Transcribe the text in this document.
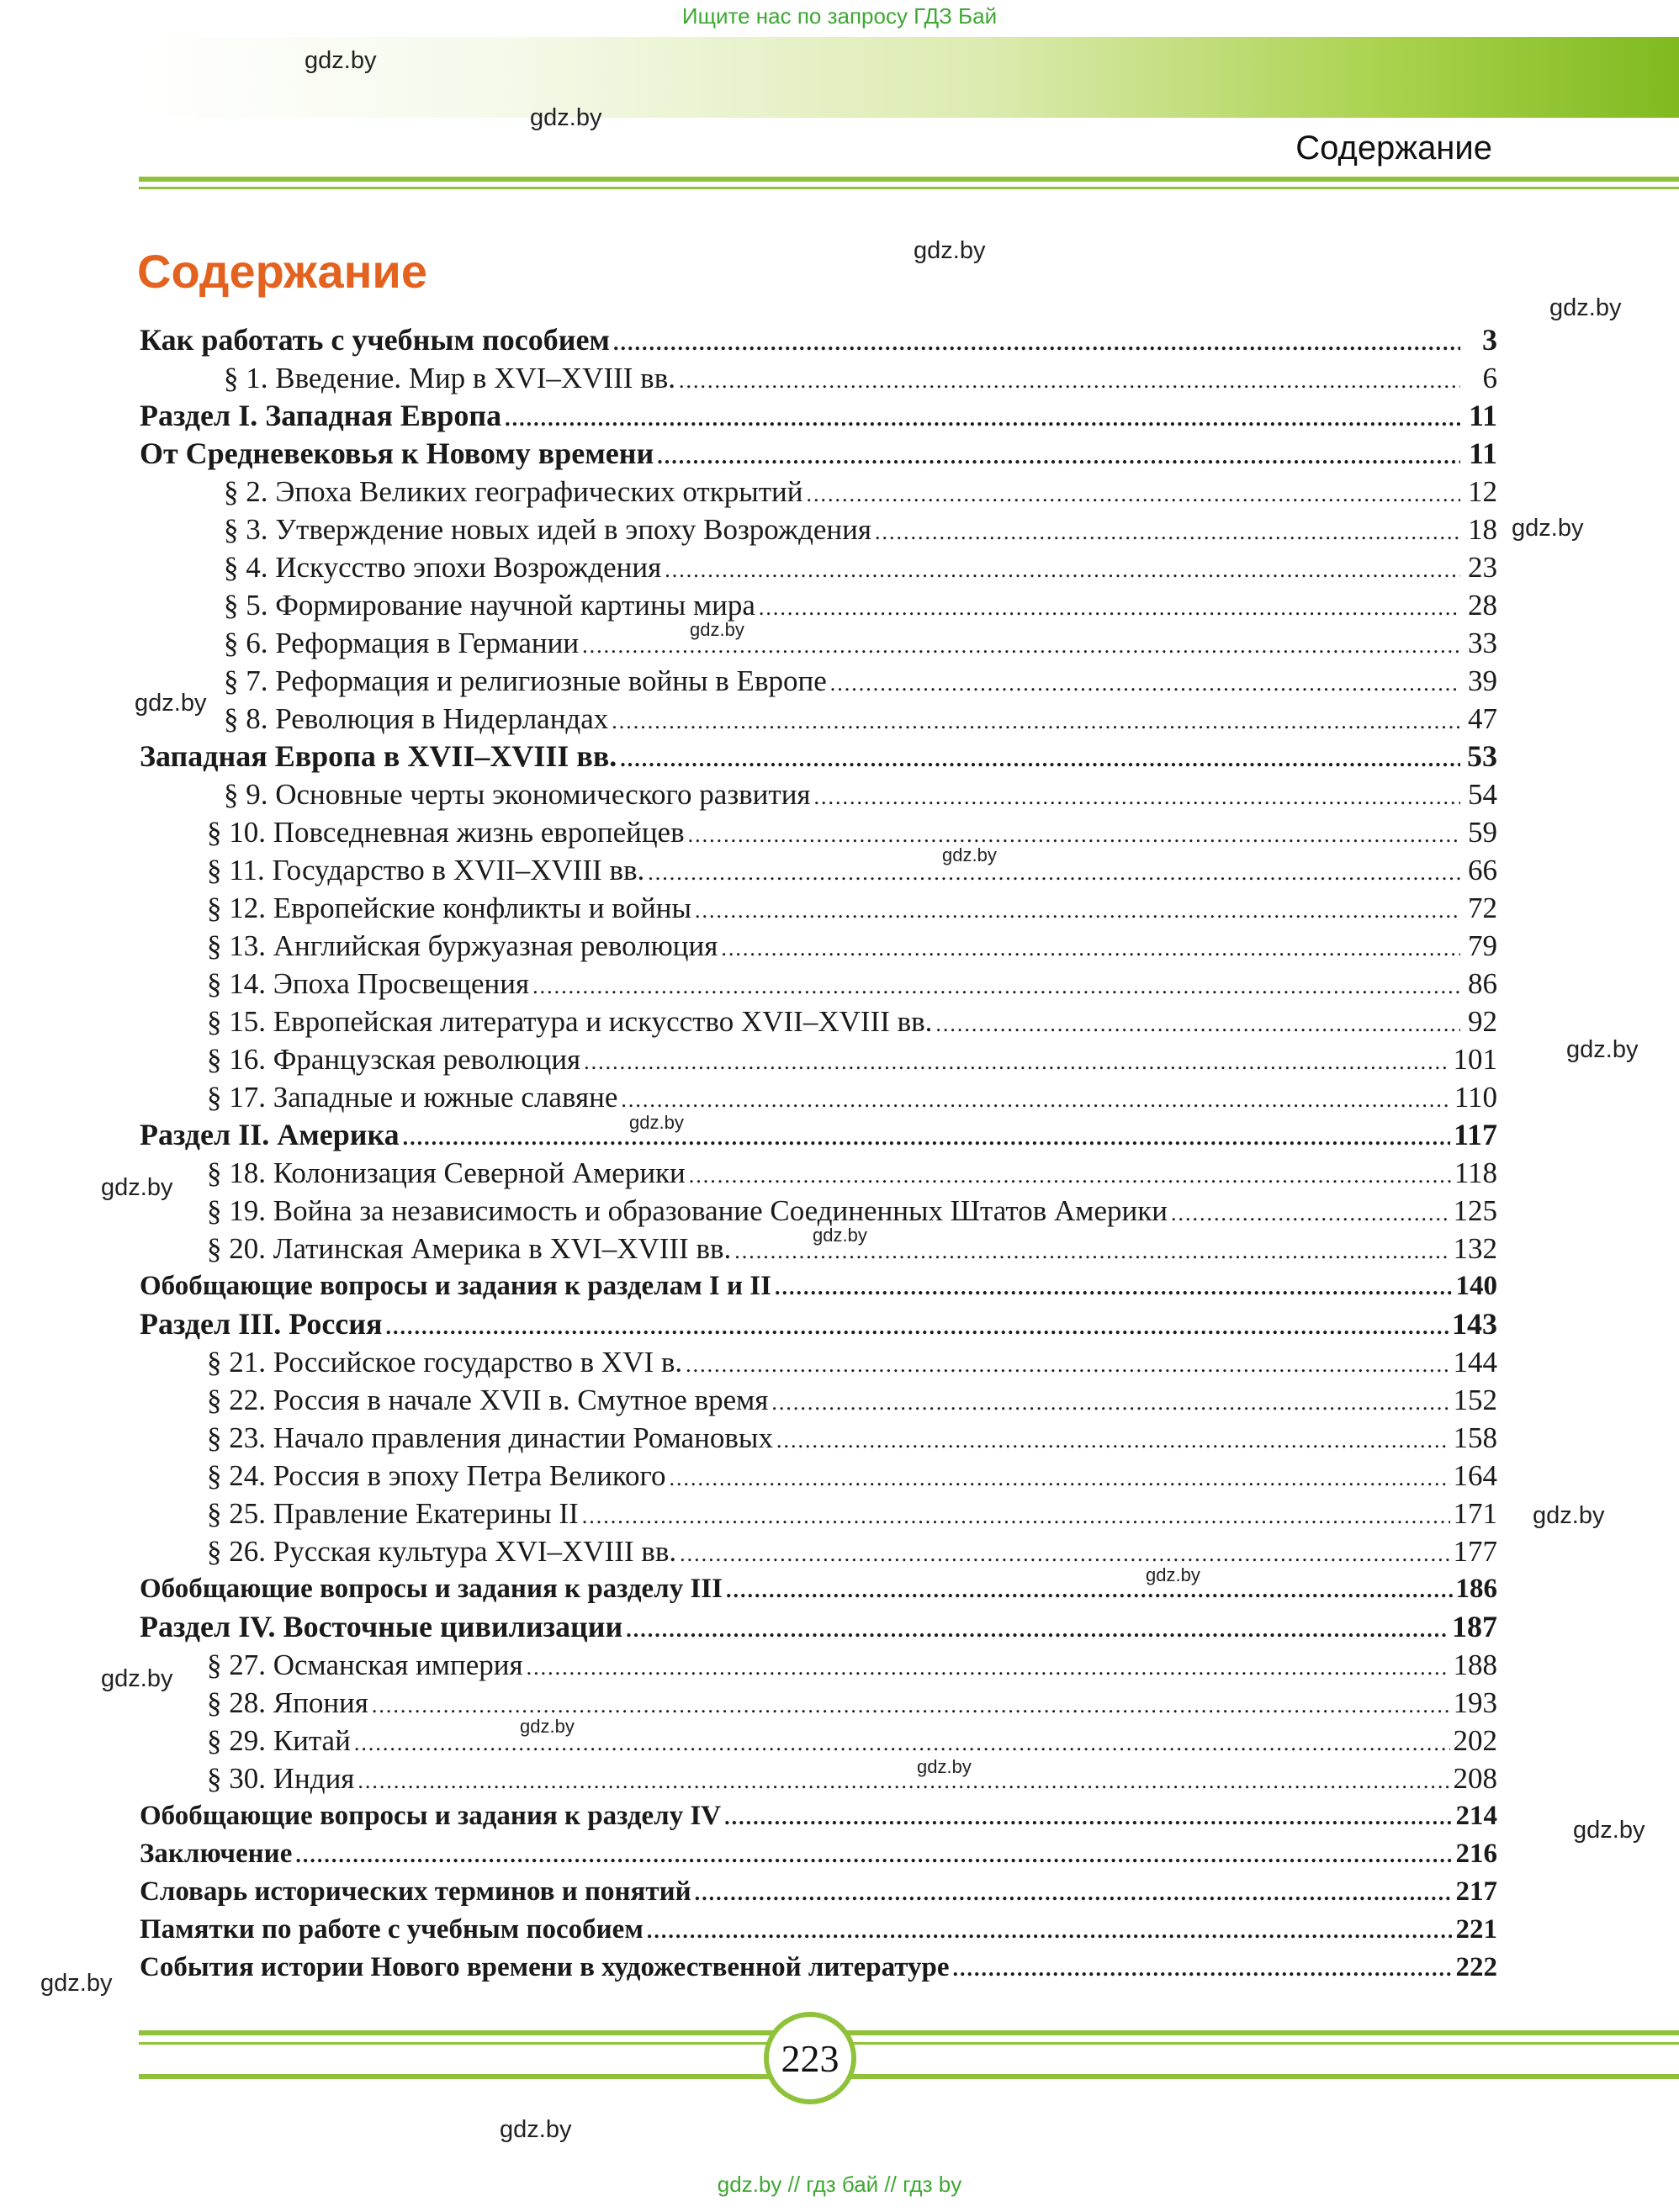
Ищите нас по запросу ГДЗ Бай
gdz.by
gdz.by
gdz.by
gdz.by
gdz.by
gdz.by
gdz.by
gdz.by
gdz.by
gdz.by
gdz.by
gdz.by
gdz.by
gdz.by
gdz.by
gdz.by
gdz.by
gdz.by
gdz.by
gdz.by
Содержание
Содержание
Как работать с учебным пособием .....	3
§ 1. Введение. Мир в XVI–XVIII вв. .....	6
Раздел I. Западная Европа .....	11
От Средневековья к Новому времени .....	11
§ 2. Эпоха Великих географических открытий .....	12
§ 3. Утверждение новых идей в эпоху Возрождения .....	18
§ 4. Искусство эпохи Возрождения .....	23
§ 5. Формирование научной картины мира .....	28
§ 6. Реформация в Германии .....	33
§ 7. Реформация и религиозные войны в Европе .....	39
§ 8. Революция в Нидерландах .....	47
Западная Европа в XVII–XVIII вв. .....	53
§ 9. Основные черты экономического развития .....	54
§ 10. Повседневная жизнь европейцев .....	59
§ 11. Государство в XVII–XVIII вв. .....	66
§ 12. Европейские конфликты и войны .....	72
§ 13. Английская буржуазная революция .....	79
§ 14. Эпоха Просвещения .....	86
§ 15. Европейская литература и искусство XVII–XVIII вв. .....	92
§ 16. Французская революция .....	101
§ 17. Западные и южные славяне .....	110
Раздел II. Америка .....	117
§ 18. Колонизация Северной Америки .....	118
§ 19. Война за независимость и образование Соединенных Штатов Америки .....	125
§ 20. Латинская Америка в XVI–XVIII вв. .....	132
Обобщающие вопросы и задания к разделам I и II .....	140
Раздел III. Россия .....	143
§ 21. Российское государство в XVI в. .....	144
§ 22. Россия в начале XVII в. Смутное время .....	152
§ 23. Начало правления династии Романовых .....	158
§ 24. Россия в эпоху Петра Великого .....	164
§ 25. Правление Екатерины II .....	171
§ 26. Русская культура XVI–XVIII вв. .....	177
Обобщающие вопросы и задания к разделу III .....	186
Раздел IV. Восточные цивилизации .....	187
§ 27. Османская империя .....	188
§ 28. Япония .....	193
§ 29. Китай .....	202
§ 30. Индия .....	208
Обобщающие вопросы и задания к разделу IV .....	214
Заключение .....	216
Словарь исторических терминов и понятий .....	217
Памятки по работе с учебным пособием .....	221
События истории Нового времени в художественной литературе .....	222
223
gdz.by // гдз бай // гдз by
